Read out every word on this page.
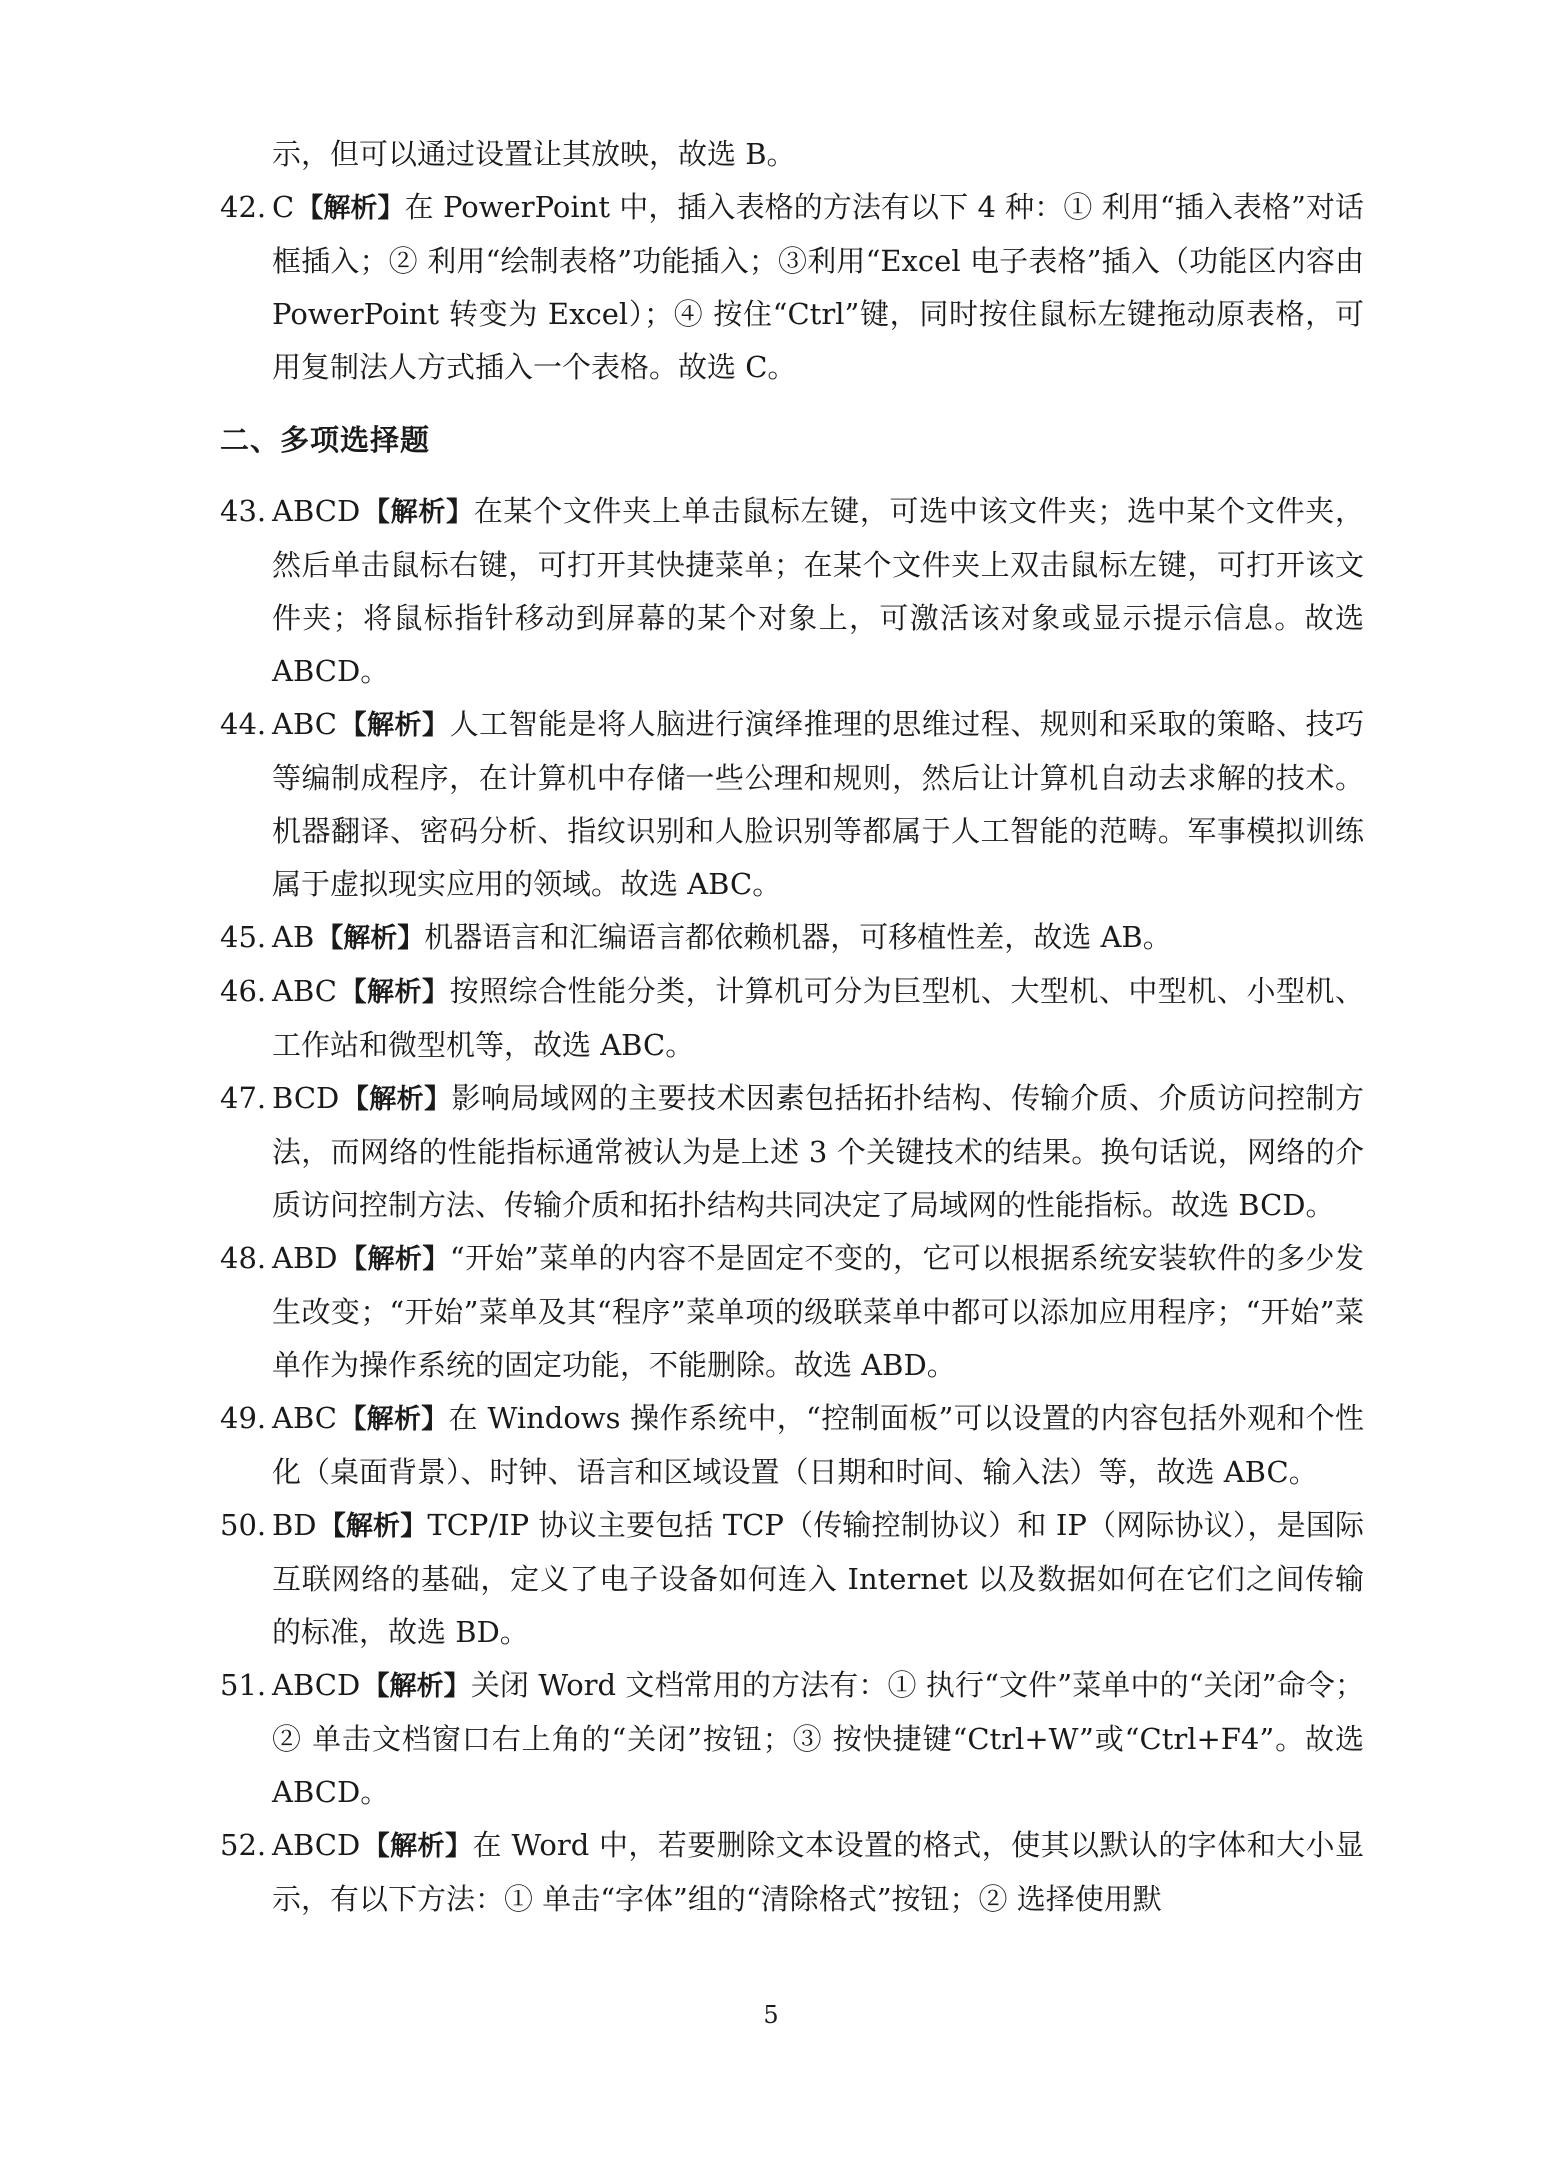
示，但可以通过设置让其放映，故选 B。

42. C【解析】在 PowerPoint 中，插入表格的方法有以下 4 种：① 利用“插入表格”对话框插入；② 利用“绘制表格”功能插入；③利用“Excel 电子表格”插入（功能区内容由 PowerPoint 转变为 Excel）；④ 按住“Ctrl”键，同时按住鼠标左键拖动原表格，可用复制法人方式插入一个表格。故选 C。
二、多项选择题
43. ABCD【解析】在某个文件夹上单击鼠标左键，可选中该文件夹；选中某个文件夹，然后单击鼠标右键，可打开其快捷菜单；在某个文件夹上双击鼠标左键，可打开该文件夹；将鼠标指针移动到屏幕的某个对象上，可激活该对象或显示提示信息。故选 ABCD。
44. ABC【解析】人工智能是将人脑进行演绎推理的思维过程、规则和采取的策略、技巧等编制成程序，在计算机中存储一些公理和规则，然后让计算机自动去求解的技术。机器翻译、密码分析、指纹识别和人脸识别等都属于人工智能的范畴。军事模拟训练属于虚拟现实应用的领域。故选 ABC。
45. AB【解析】机器语言和汇编语言都依赖机器，可移植性差，故选 AB。
46. ABC【解析】按照综合性能分类，计算机可分为巨型机、大型机、中型机、小型机、工作站和微型机等，故选 ABC。
47. BCD【解析】影响局域网的主要技术因素包括拓扑结构、传输介质、介质访问控制方法，而网络的性能指标通常被认为是上述 3 个关键技术的结果。换句话说，网络的介质访问控制方法、传输介质和拓扑结构共同决定了局域网的性能指标。故选 BCD。
48. ABD【解析】“开始”菜单的内容不是固定不变的，它可以根据系统安装软件的多少发生改变；“开始”菜单及其“程序”菜单项的级联菜单中都可以添加应用程序；“开始”菜单作为操作系统的固定功能，不能删除。故选 ABD。
49. ABC【解析】在 Windows 操作系统中，“控制面板”可以设置的内容包括外观和个性化（桌面背景）、时钟、语言和区域设置（日期和时间、输入法）等，故选 ABC。
50. BD【解析】TCP/IP 协议主要包括 TCP（传输控制协议）和 IP（网际协议），是国际互联网络的基础，定义了电子设备如何连入 Internet 以及数据如何在它们之间传输的标准，故选 BD。
51. ABCD【解析】关闭 Word 文档常用的方法有：① 执行“文件”菜单中的“关闭”命令；② 单击文档窗口右上角的“关闭”按钮；③ 按快捷键“Ctrl+W”或“Ctrl+F4”。故选 ABCD。
52. ABCD【解析】在 Word 中，若要删除文本设置的格式，使其以默认的字体和大小显示，有以下方法：① 单击“字体”组的“清除格式”按钮；② 选择使用默
5
